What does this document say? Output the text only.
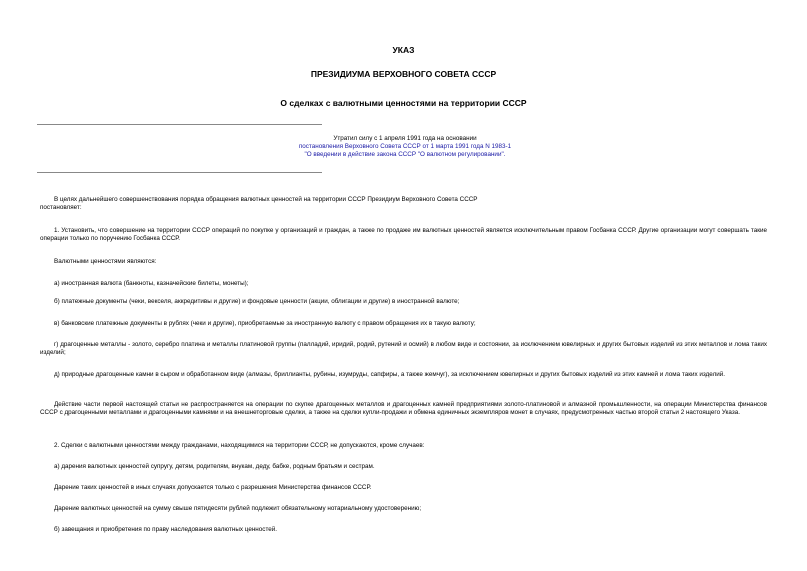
УКАЗ
ПРЕЗИДИУМА ВЕРХОВНОГО СОВЕТА СССР
О сделках с валютными ценностями на территории СССР
Утратил силу с 1 апреля 1991 года на основании
постановления Верховного Совета СССР от 1 марта 1991 года N 1983-1
"О введении в действие закона СССР "О валютном регулировании".
В целях дальнейшего совершенствования порядка обращения валютных ценностей на территории СССР Президиум Верховного Совета СССР
постановляет:
1. Установить, что совершение на территории СССР операций по покупке у организаций и граждан, а также по продаже им валютных ценностей является исключительным правом Госбанка СССР. Другие организации могут совершать такие операции только по поручению Госбанка СССР.
Валютными ценностями являются:
а) иностранная валюта (банкноты, казначейские билеты, монеты);
б) платежные документы (чеки, векселя, аккредитивы и другие) и фондовые ценности (акции, облигации и другие) в иностранной валюте;
в) банковские платежные документы в рублях (чеки и другие), приобретаемые за иностранную валюту с правом обращения их в такую валюту;
г) драгоценные металлы - золото, серебро платина и металлы платиновой группы (палладий, иридий, родий, рутений и осмий) в любом виде и состоянии, за исключением ювелирных и других бытовых изделий из этих металлов и лома таких изделий;
д) природные драгоценные камни в сыром и обработанном виде (алмазы, бриллианты, рубины, изумруды, сапфиры, а также жемчуг), за исключением ювелирных и других бытовых изделий из этих камней и лома таких изделий.
Действие части первой настоящей статьи не распространяется на операции по скупке драгоценных металлов и драгоценных камней предприятиями золото-платиновой и алмазной промышленности, на операции Министерства финансов СССР с драгоценными металлами и драгоценными камнями и на внешнеторговые сделки, а также на сделки купли-продажи и обмена единичных экземпляров монет в случаях, предусмотренных частью второй статьи 2 настоящего Указа.
2. Сделки с валютными ценностями между гражданами, находящимися на территории СССР, не допускаются, кроме случаев:
а) дарения валютных ценностей супругу, детям, родителям, внукам, деду, бабке, родным братьям и сестрам.
Дарение таких ценностей в иных случаях допускается только с разрешения Министерства финансов СССР.
Дарение валютных ценностей на сумму свыше пятидесяти рублей подлежит обязательному нотариальному удостоверению;
б) завещания и приобретения по праву наследования валютных ценностей.
